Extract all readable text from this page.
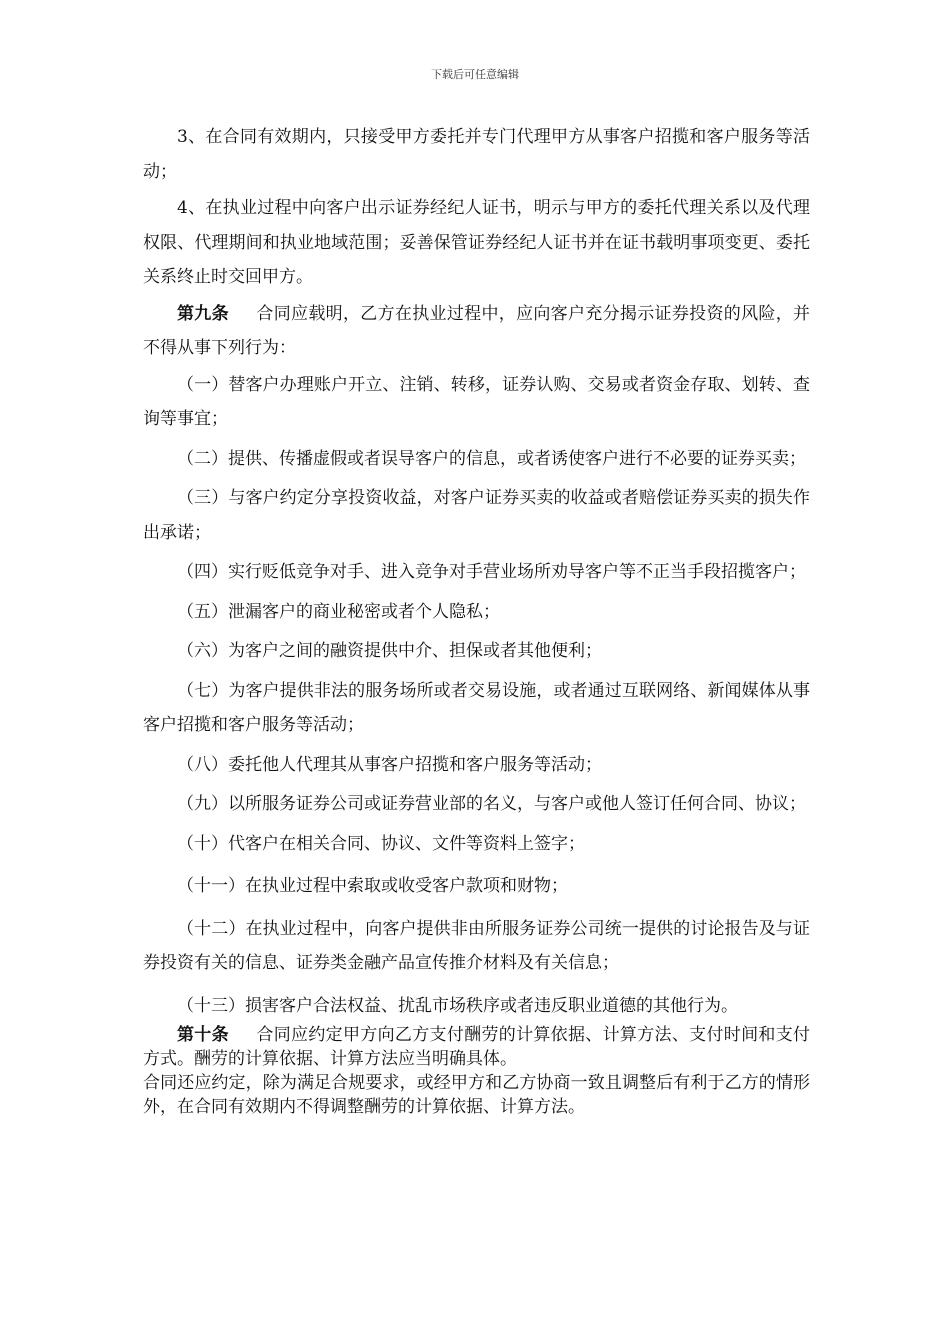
下载后可任意编辑

3、在合同有效期内，只接受甲方委托并专门代理甲方从事客户招揽和客户服务等活动；

4、在执业过程中向客户出示证券经纪人证书，明示与甲方的委托代理关系以及代理权限、代理期间和执业地域范围；妥善保管证券经纪人证书并在证书载明事项变更、委托关系终止时交回甲方。

第九条 合同应载明，乙方在执业过程中，应向客户充分揭示证券投资的风险，并不得从事下列行为：

（一）替客户办理账户开立、注销、转移，证券认购、交易或者资金存取、划转、查询等事宜；

（二）提供、传播虚假或者误导客户的信息，或者诱使客户进行不必要的证券买卖；

（三）与客户约定分享投资收益，对客户证券买卖的收益或者赔偿证券买卖的损失作出承诺；

（四）实行贬低竞争对手、进入竞争对手营业场所劝导客户等不正当手段招揽客户；

（五）泄漏客户的商业秘密或者个人隐私；

（六）为客户之间的融资提供中介、担保或者其他便利；

（七）为客户提供非法的服务场所或者交易设施，或者通过互联网络、新闻媒体从事客户招揽和客户服务等活动；

（八）委托他人代理其从事客户招揽和客户服务等活动；

（九）以所服务证券公司或证券营业部的名义，与客户或他人签订任何合同、协议；

（十）代客户在相关合同、协议、文件等资料上签字；

（十一）在执业过程中索取或收受客户款项和财物；

（十二）在执业过程中，向客户提供非由所服务证券公司统一提供的讨论报告及与证券投资有关的信息、证券类金融产品宣传推介材料及有关信息；

（十三）损害客户合法权益、扰乱市场秩序或者违反职业道德的其他行为。

第十条 合同应约定甲方向乙方支付酬劳的计算依据、计算方法、支付时间和支付方式。酬劳的计算依据、计算方法应当明确具体。

合同还应约定，除为满足合规要求，或经甲方和乙方协商一致且调整后有利于乙方的情形外，在合同有效期内不得调整酬劳的计算依据、计算方法。
